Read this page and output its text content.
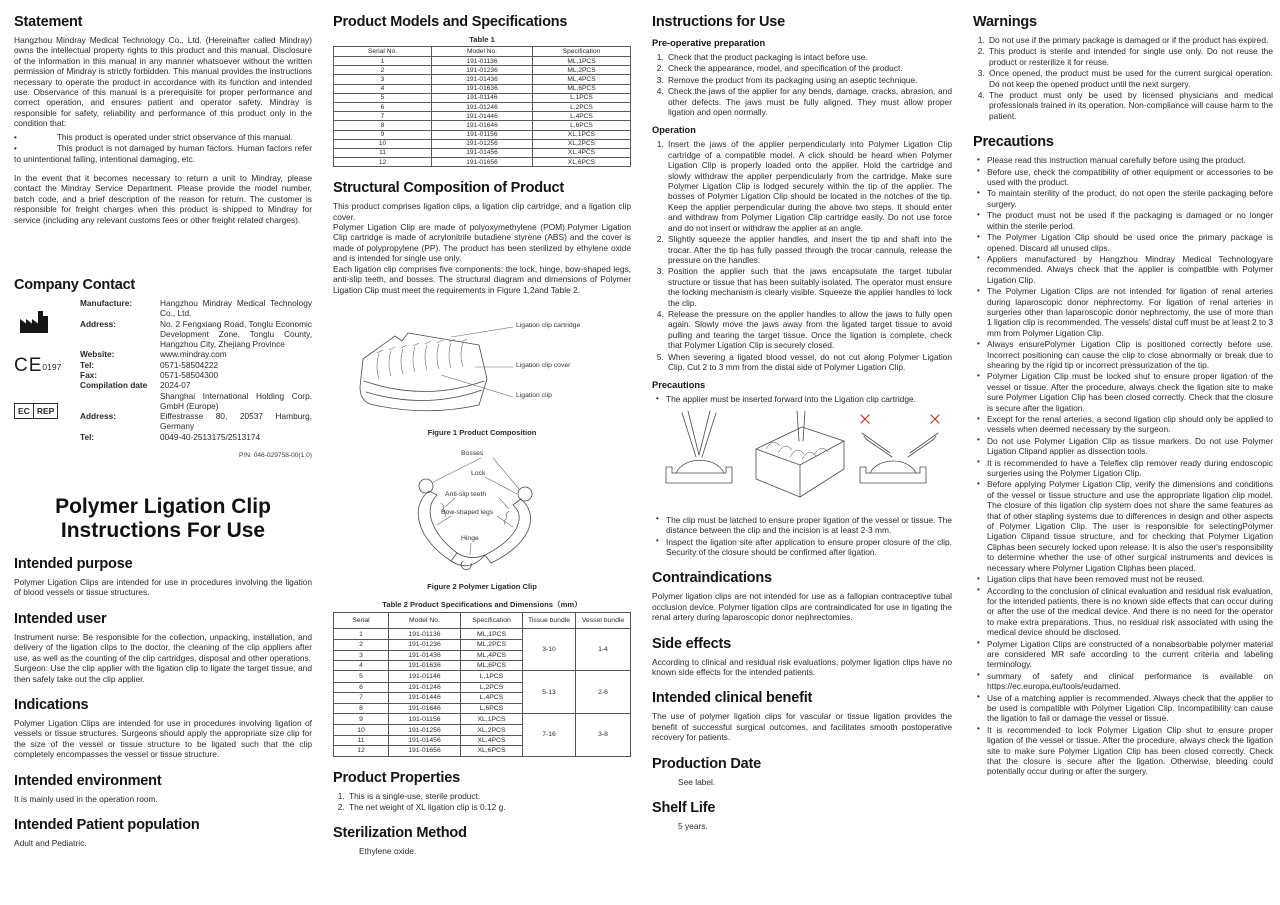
Statement

Hangzhou Mindray Medical Technology Co., Ltd. (Hereinafter called Mindray) owns the intellectual property rights to this product and this manual. Disclosure of the information in this manual in any manner whatsoever without the written permission of Mindray is strictly forbidden. This manual provides the instructions necessary to operate the product in accordance with its function and intended use. Observance of this manual is a prerequisite for proper performance and correct operation, and ensures patient and operator safety. Mindray is responsible for safety, reliability and performance of this product only in the condition that:

•This product is operated under strict observance of this manual.
•This product is not damaged by human factors. Human factors refer to unintentional falling, intentional damaging, etc.

In the event that it becomes necessary to return a unit to Mindray, please contact the Mindray Service Department. Please provide the model number, batch code, and a brief description of the reason for return. The customer is responsible for freight charges when this product is shipped to Mindray for service (including any relevant customs fees or other freight related charges).

Company Contact
CE0197
EC REP
Manufacture:	Hangzhou Mindray Medical Technology Co., Ltd.
Address:	No. 2 Fengxiang Road, Tonglu Economic Development Zone, Tonglu County, Hangzhou City, Zhejiang Province
Website:	www.mindray.com
Tel:	0571-58504222
Fax:	0571-58504300
Compilation date	2024-07
Shanghai International Holding Corp. GmbH (Europe)
Address:	Eiffestrasse 80, 20537 Hamburg, Germany
Tel:	0049-40-2513175/2513174
P/N: 046-029758-00(1.0)
Polymer Ligation Clip
Instructions For Use
Intended purpose

Polymer Ligation Clips are intended for use in procedures involving the ligation of blood vessels or tissue structures.

Intended user

Instrument nurse: Be responsible for the collection, unpacking, installation, and delivery of the ligation clips to the doctor, the cleaning of the clip appliers after use, as well as the counting of the clip cartridges, disposal and other operations.

Surgeon: Use the clip applier with the ligation clip to ligate the target tissue, and then safely take out the clip applier.

Indications

Polymer Ligation Clips are intended for use in procedures involving ligation of vessels or tissue structures. Surgeons should apply the appropriate size clip for the size of the vessel or tissue structure to be ligated such that the clip completely encompasses the vessel or tissue structure.

Intended environment

It is mainly used in the operation room.

Intended Patient population

Adult and Pediatric.

Product Models and Specifications
Table 1
Serial No.	Model No.	Specification
1	191-01136	ML,1PCS
2	191-01236	ML,2PCS
3	191-01436	ML,4PCS
4	191-01636	ML,6PCS
5	191-01146	L,1PCS
6	191-01246	L,2PCS
7	191-01446	L,4PCS
8	191-01646	L,6PCS
9	191-01156	XL,1PCS
10	191-01256	XL,2PCS
11	191-01456	XL,4PCS
12	191-01656	XL,6PCS
Structural Composition of Product

This product comprises ligation clips, a ligation clip cartridge, and a ligation clip cover.

Polymer Ligation Clip are made of polyoxymethylene (POM).Polymer Ligation Clip cartridge is made of acrylonitrile butadiene styrene (ABS) and the cover is made of polypropylene (PP). The product has been sterilized by ethylene oxide and is intended for single use only.

Each ligation clip comprises five components: the lock, hinge, bow-shaped legs, anti-slip teeth, and bosses. The structural diagram and dimensions of Polymer Ligation Clip must meet the requirements in Figure 1,2and Table 2.

Ligation clip cartridge
Ligation clip cover
Ligation clip
Figure 1 Product Composition
Bosses
Lock
Anti-slip teeth
Bow-shaped legs
Hinge
Figure 2 Polymer Ligation Clip
Table 2 Product Specifications and Dimensions（mm）
Serial	Model No.	Specification	Tissue bundle	Vessel bundle
1	191-01136	ML,1PCS
2	191-01236	ML,2PCS
3	191-01436	ML,4PCS
4	191-01636	ML,6PCS
3-10	1-4
5	191-01146	L,1PCS
6	191-01246	L,2PCS
7	191-01446	L,4PCS
8	191-01646	L,6PCS
5-13	2-6
9	191-01156	XL,1PCS
10	191-01256	XL,2PCS
11	191-01456	XL,4PCS
12	191-01656	XL,6PCS
7-16	3-8
Product Properties
1. This is a single-use, sterile product.
2. The net weight of XL ligation clip is 0.12 g.
Sterilization Method

Ethylene oxide.

Instructions for Use
Pre-operative preparation
1. Check that the product packaging is intact before use.
2. Check the appearance, model, and specification of the product.
3. Remove the product from its packaging using an aseptic technique.
4. Check the jaws of the applier for any bends, damage, cracks, abrasion, and other defects. The jaws must be fully aligned. They must allow proper ligation and open normally.
Operation
1. Insert the jaws of the applier perpendicularly into Polymer Ligation Clip cartridge of a compatible model. A click should be heard when Polymer Ligation Clip is properly loaded onto the applier. Hold the cartridge and slowly withdraw the applier perpendicularly from the cartridge. Make sure Polymer Ligation Clip is lodged securely within the tip of the applier. The bosses of Polymer Ligation Clip should be located in the notches of the tip. Keep the applier perpendicular during the above two steps. It should enter and withdraw from Polymer Ligation Clip cartridge easily. Do not use force and do not insert or withdraw the applier at an angle.
2. Slightly squeeze the applier handles, and insert the tip and shaft into the trocar. After the tip has fully passed through the trocar cannula, release the pressure on the handles.
3. Position the applier such that the jaws encapsulate the target tubular structure or tissue that has been suitably isolated. The operator must ensure the locking mechanism is clearly visible. Squeeze the applier handles to lock the clip.
4. Release the pressure on the applier handles to allow the jaws to fully open again. Slowly move the jaws away from the ligated target tissue to avoid pulling and tearing the target tissue. Once the ligation is complete, check that Polymer Ligation Clip is securely closed.
5. When severing a ligated blood vessel, do not cut along Polymer Ligation Clip. Cut 2 to 3 mm from the distal side of Polymer Ligation Clip.
Precautions
• The applier must be inserted forward into the Ligation clip cartridge.
• The clip must be latched to ensure proper ligation of the vessel or tissue. The distance between the clip and the incision is at least 2-3 mm.
• Inspect the ligation site after application to ensure proper closure of the clip. Security of the closure should be confirmed after ligation.
Contraindications

Polymer ligation clips are not intended for use as a fallopian contraceptive tubal occlusion device. Polymer ligation clips are contraindicated for use in ligating the renal artery during laparoscopic donor nephrectomies.

Side effects

According to clinical and residual risk evaluations, polymer ligation clips have no known side effects for the intended patients.

Intended clinical benefit

The use of polymer ligation clips for vascular or tissue ligation provides the benefit of successful surgical outcomes, and facilitates smooth postoperative recovery for patients.

Production Date

See label.

Shelf Life

5 years.

Warnings
1. Do not use if the primary package is damaged or if the product has expired.
2. This product is sterile and intended for single use only. Do not reuse the product or resterilize it for reuse.
3. Once opened, the product must be used for the current surgical operation. Do not keep the opened product until the next surgery.
4. The product must only be used by licensed physicians and medical professionals trained in its operation. Non-compliance will cause harm to the patient.
Precautions
• Please read this instruction manual carefully before using the product.
• Before use, check the compatibility of other equipment or accessories to be used with the product.
• To maintain sterility of the product, do not open the sterile packaging before surgery.
• The product must not be used if the packaging is damaged or no longer within the sterile period.
• The Polymer Ligation Clip should be used once the primary package is opened. Discard all unused clips.
• Appliers manufactured by Hangzhou Mindray Medical Technologyare recommended. Always check that the applier is compatible with Polymer Ligation Clip.
• The Polymer Ligation Clips are not intended for ligation of renal arteries during laparoscopic donor nephrectomy. For ligation of renal arteries in surgeries other than laparoscopic donor nephrectomy, the use of more than 1 ligation clip is recommended. The vessels' distal cuff must be at least 2 to 3 mm from Polymer Ligation Clip.
• Always ensurePolymer Ligation Clip is positioned correctly before use. Incorrect positioning can cause the clip to close abnormally or break due to shearing by the rigid tip or incorrect pressurization of the tip.
• Polymer Ligation Clip must be locked shut to ensure proper ligation of the vessel or tissue. After the procedure, always check the ligation site to make sure Polymer Ligation Clip has been closed correctly. Check that the closure is secure after the ligation.
• Except for the renal arteries, a second ligation clip should only be applied to vessels when deemed necessary by the surgeon.
• Do not use Polymer Ligation Clip as tissue markers. Do not use Polymer Ligation Clipand applier as dissection tools.
• It is recommended to have a Teleflex clip remover ready during endoscopic surgeries using the Polymer Ligation Clip.
• Before applying Polymer Ligation Clip, verify the dimensions and conditions of the vessel or tissue structure and use the appropriate ligation clip model. The closure of this ligation clip system does not share the same features as that of other stapling systems due to differences in design and other aspects of Polymer Ligation Clip. The user is responsible for selectingPolymer Ligation Clipand tissue structure, and for checking that Polymer Ligation Cliphas been securely locked upon release. It is also the user's responsibility to determine whether the use of other surgical instruments and devices is necessary where Polymer Ligation Cliphas been placed.
• Ligation clips that have been removed must not be reused.
• According to the conclusion of clinical evaluation and residual risk evaluation, for the intended patients, there is no known side effects that can occur during or after the use of the medical device. And there is no need for the operator to make extra preparations. Thus, no residual risk associated with using the medical device should be disclosed.
• Polymer Ligation Clips are constructed of a nonabsorbable polymer material are considered MR safe according to the current criteria and labeling terminology.
• summary of safety and clinical performance is available on https://ec.europa.eu/tools/eudamed.
• Use of a matching applier is recommended. Always check that the applier to be used is compatible with Polymer Ligation Clip. Incompatibility can cause the ligation to fail or damage the vessel or tissue.
• It is recommended to lock Polymer Ligation Clip shut to ensure proper ligation of the vessel or tissue. After the procedure, always check the ligation site to make sure Polymer Ligation Clip has been closed correctly. Check that the closure is secure after the ligation. Otherwise, bleeding could potentially occur during or after the surgery.
